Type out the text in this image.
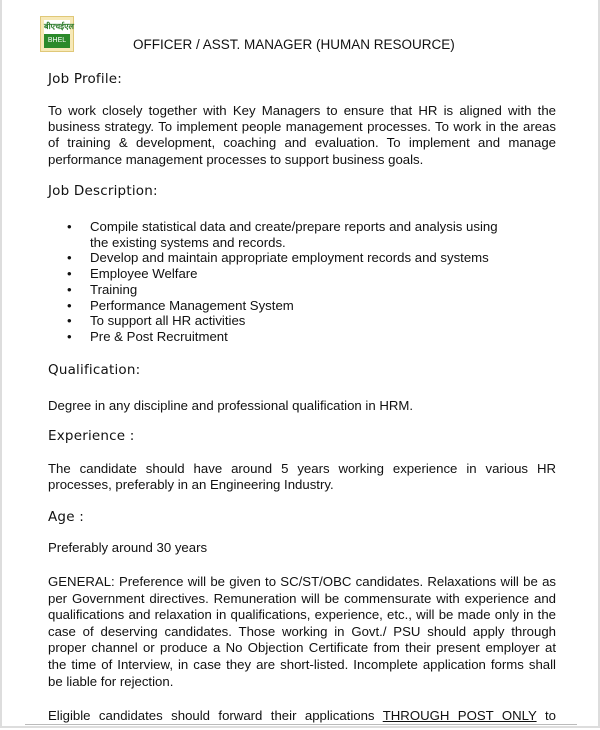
बीएचईएल
BHEL	OFFICER / ASST. MANAGER (HUMAN RESOURCE)
Job Profile:
To work closely together with Key Managers to ensure that HR is aligned with the business strategy. To implement people management processes. To work in the areas of training & development, coaching and evaluation. To implement and manage performance management processes to support business goals.
Job Description:
• Compile statistical data and create/prepare reports and analysis using the existing systems and records.
• Develop and maintain appropriate employment records and systems
• Employee Welfare
• Training
• Performance Management System
• To support all HR activities
• Pre & Post Recruitment
Qualification:
Degree in any discipline and professional qualification in HRM.
Experience :
The candidate should have around 5 years working experience in various HR processes, preferably in an Engineering Industry.
Age :
Preferably around 30 years
GENERAL: Preference will be given to SC/ST/OBC candidates. Relaxations will be as per Government directives. Remuneration will be commensurate with experience and qualifications and relaxation in qualifications, experience, etc., will be made only in the case of deserving candidates. Those working in Govt./ PSU should apply through proper channel or produce a No Objection Certificate from their present employer at the time of Interview, in case they are short-listed. Incomplete application forms shall be liable for rejection.
Eligible candidates should forward their applications THROUGH POST ONLY to
